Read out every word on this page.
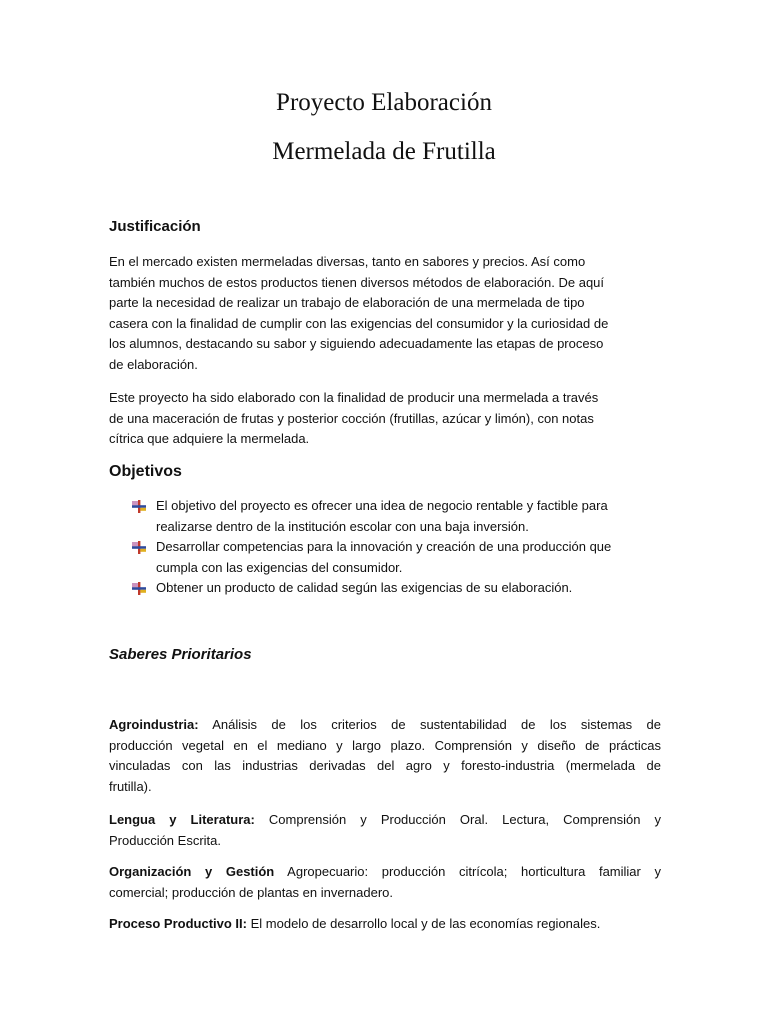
Proyecto Elaboración
Mermelada de Frutilla
Justificación

En el mercado existen mermeladas diversas, tanto en sabores y precios. Así como
también muchos de estos productos tienen diversos métodos de elaboración. De aquí
parte la necesidad de realizar un trabajo de elaboración de una mermelada de tipo
casera con la finalidad de cumplir con las exigencias del consumidor y la curiosidad de
los alumnos, destacando su sabor y siguiendo adecuadamente las etapas de proceso
de elaboración.

Este proyecto ha sido elaborado con la finalidad de producir una mermelada a través
de una maceración de frutas y posterior cocción (frutillas, azúcar y limón), con notas
cítrica que adquiere la mermelada.

Objetivos
El objetivo del proyecto es ofrecer una idea de negocio rentable y factible para
realizarse dentro de la institución escolar con una baja inversión.
Desarrollar competencias para la innovación y creación de una producción que
cumpla con las exigencias del consumidor.
Obtener un producto de calidad según las exigencias de su elaboración.
Saberes Prioritarios

Agroindustria: Análisis de los criterios de sustentabilidad de los sistemas de
producción vegetal en el mediano y largo plazo. Comprensión y diseño de prácticas
vinculadas con las industrias derivadas del agro y foresto-industria (mermelada de
frutilla).

Lengua y Literatura: Comprensión y Producción Oral. Lectura, Comprensión y
Producción Escrita.

Organización y Gestión Agropecuario: producción citrícola; horticultura familiar y
comercial; producción de plantas en invernadero.

Proceso Productivo II: El modelo de desarrollo local y de las economías regionales.
